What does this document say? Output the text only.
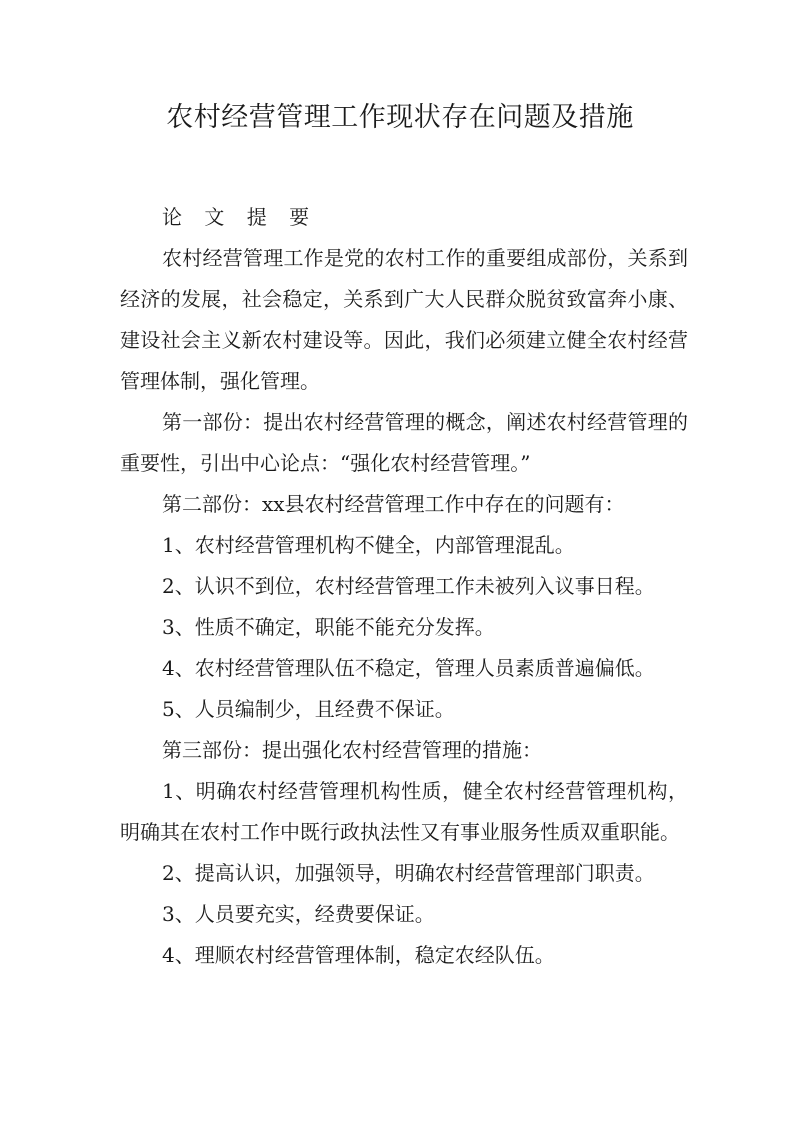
农村经营管理工作现状存在问题及措施

论 文 提 要

农村经营管理工作是党的农村工作的重要组成部份，关系到经济的发展，社会稳定，关系到广大人民群众脱贫致富奔小康、建设社会主义新农村建设等。因此，我们必须建立健全农村经营管理体制，强化管理。

第一部份：提出农村经营管理的概念，阐述农村经营管理的重要性，引出中心论点：“强化农村经营管理。”

第二部份：xx县农村经营管理工作中存在的问题有：

1、农村经营管理机构不健全，内部管理混乱。

2、认识不到位，农村经营管理工作未被列入议事日程。

3、性质不确定，职能不能充分发挥。

4、农村经营管理队伍不稳定，管理人员素质普遍偏低。

5、人员编制少，且经费不保证。

第三部份：提出强化农村经营管理的措施：

1、明确农村经营管理机构性质，健全农村经营管理机构，明确其在农村工作中既行政执法性又有事业服务性质双重职能。

2、提高认识，加强领导，明确农村经营管理部门职责。

3、人员要充实，经费要保证。

4、理顺农村经营管理体制，稳定农经队伍。
